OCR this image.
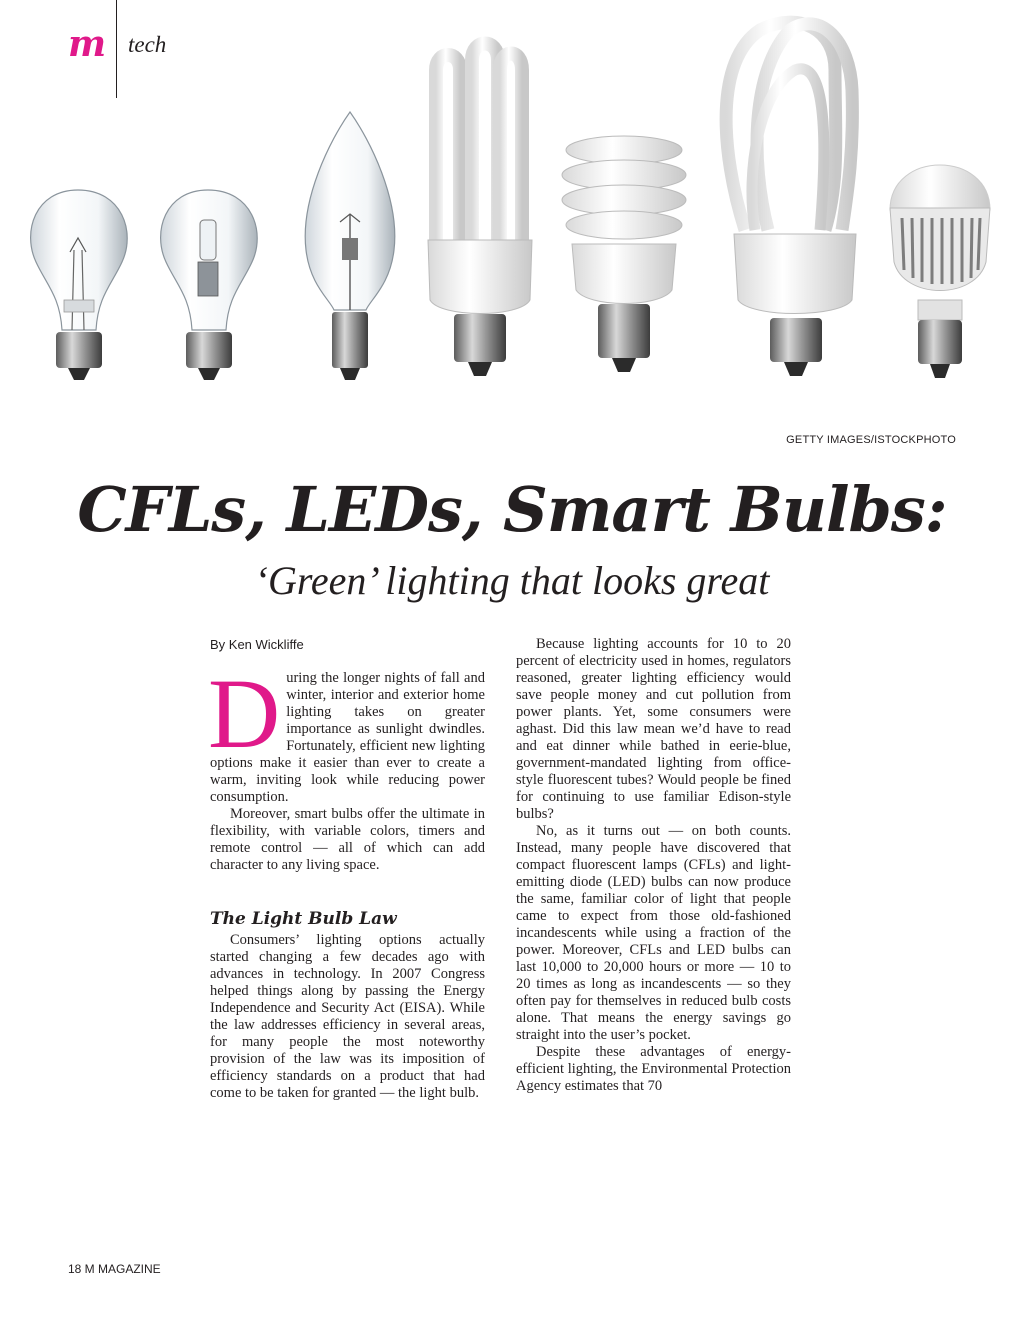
m tech
GETTY IMAGES/ISTOCKPHOTO
CFLs, LEDs, Smart Bulbs:
‘Green’ lighting that looks great
By Ken Wickliffe

During the longer nights of fall and winter, interior and exterior home lighting takes on greater importance as sunlight dwindles. Fortunately, efficient new lighting options make it easier than ever to create a warm, inviting look while reducing power consumption.

Moreover, smart bulbs offer the ultimate in flexibility, with variable colors, timers and remote control — all of which can add character to any living space.

The Light Bulb Law

Consumers’ lighting options actually started changing a few decades ago with advances in technology. In 2007 Congress helped things along by passing the Energy Independence and Security Act (EISA). While the law addresses efficiency in several areas, for many people the most noteworthy provision of the law was its imposition of efficiency standards on a product that had come to be taken for granted — the light bulb.

Because lighting accounts for 10 to 20 percent of electricity used in homes, regulators reasoned, greater lighting efficiency would save people money and cut pollution from power plants. Yet, some consumers were aghast. Did this law mean we’d have to read and eat dinner while bathed in eerie-blue, government-mandated lighting from office-style fluorescent tubes? Would people be fined for continuing to use familiar Edison-style bulbs?

No, as it turns out — on both counts. Instead, many people have discovered that compact fluorescent lamps (CFLs) and light-emitting diode (LED) bulbs can now produce the same, familiar color of light that people came to expect from those old-fashioned incandescents while using a fraction of the power. Moreover, CFLs and LED bulbs can last 10,000 to 20,000 hours or more — 10 to 20 times as long as incandescents — so they often pay for themselves in reduced bulb costs alone. That means the energy savings go straight into the user’s pocket.

Despite these advantages of energy-efficient lighting, the Environmental Protection Agency estimates that 70

18 M MAGAZINE
